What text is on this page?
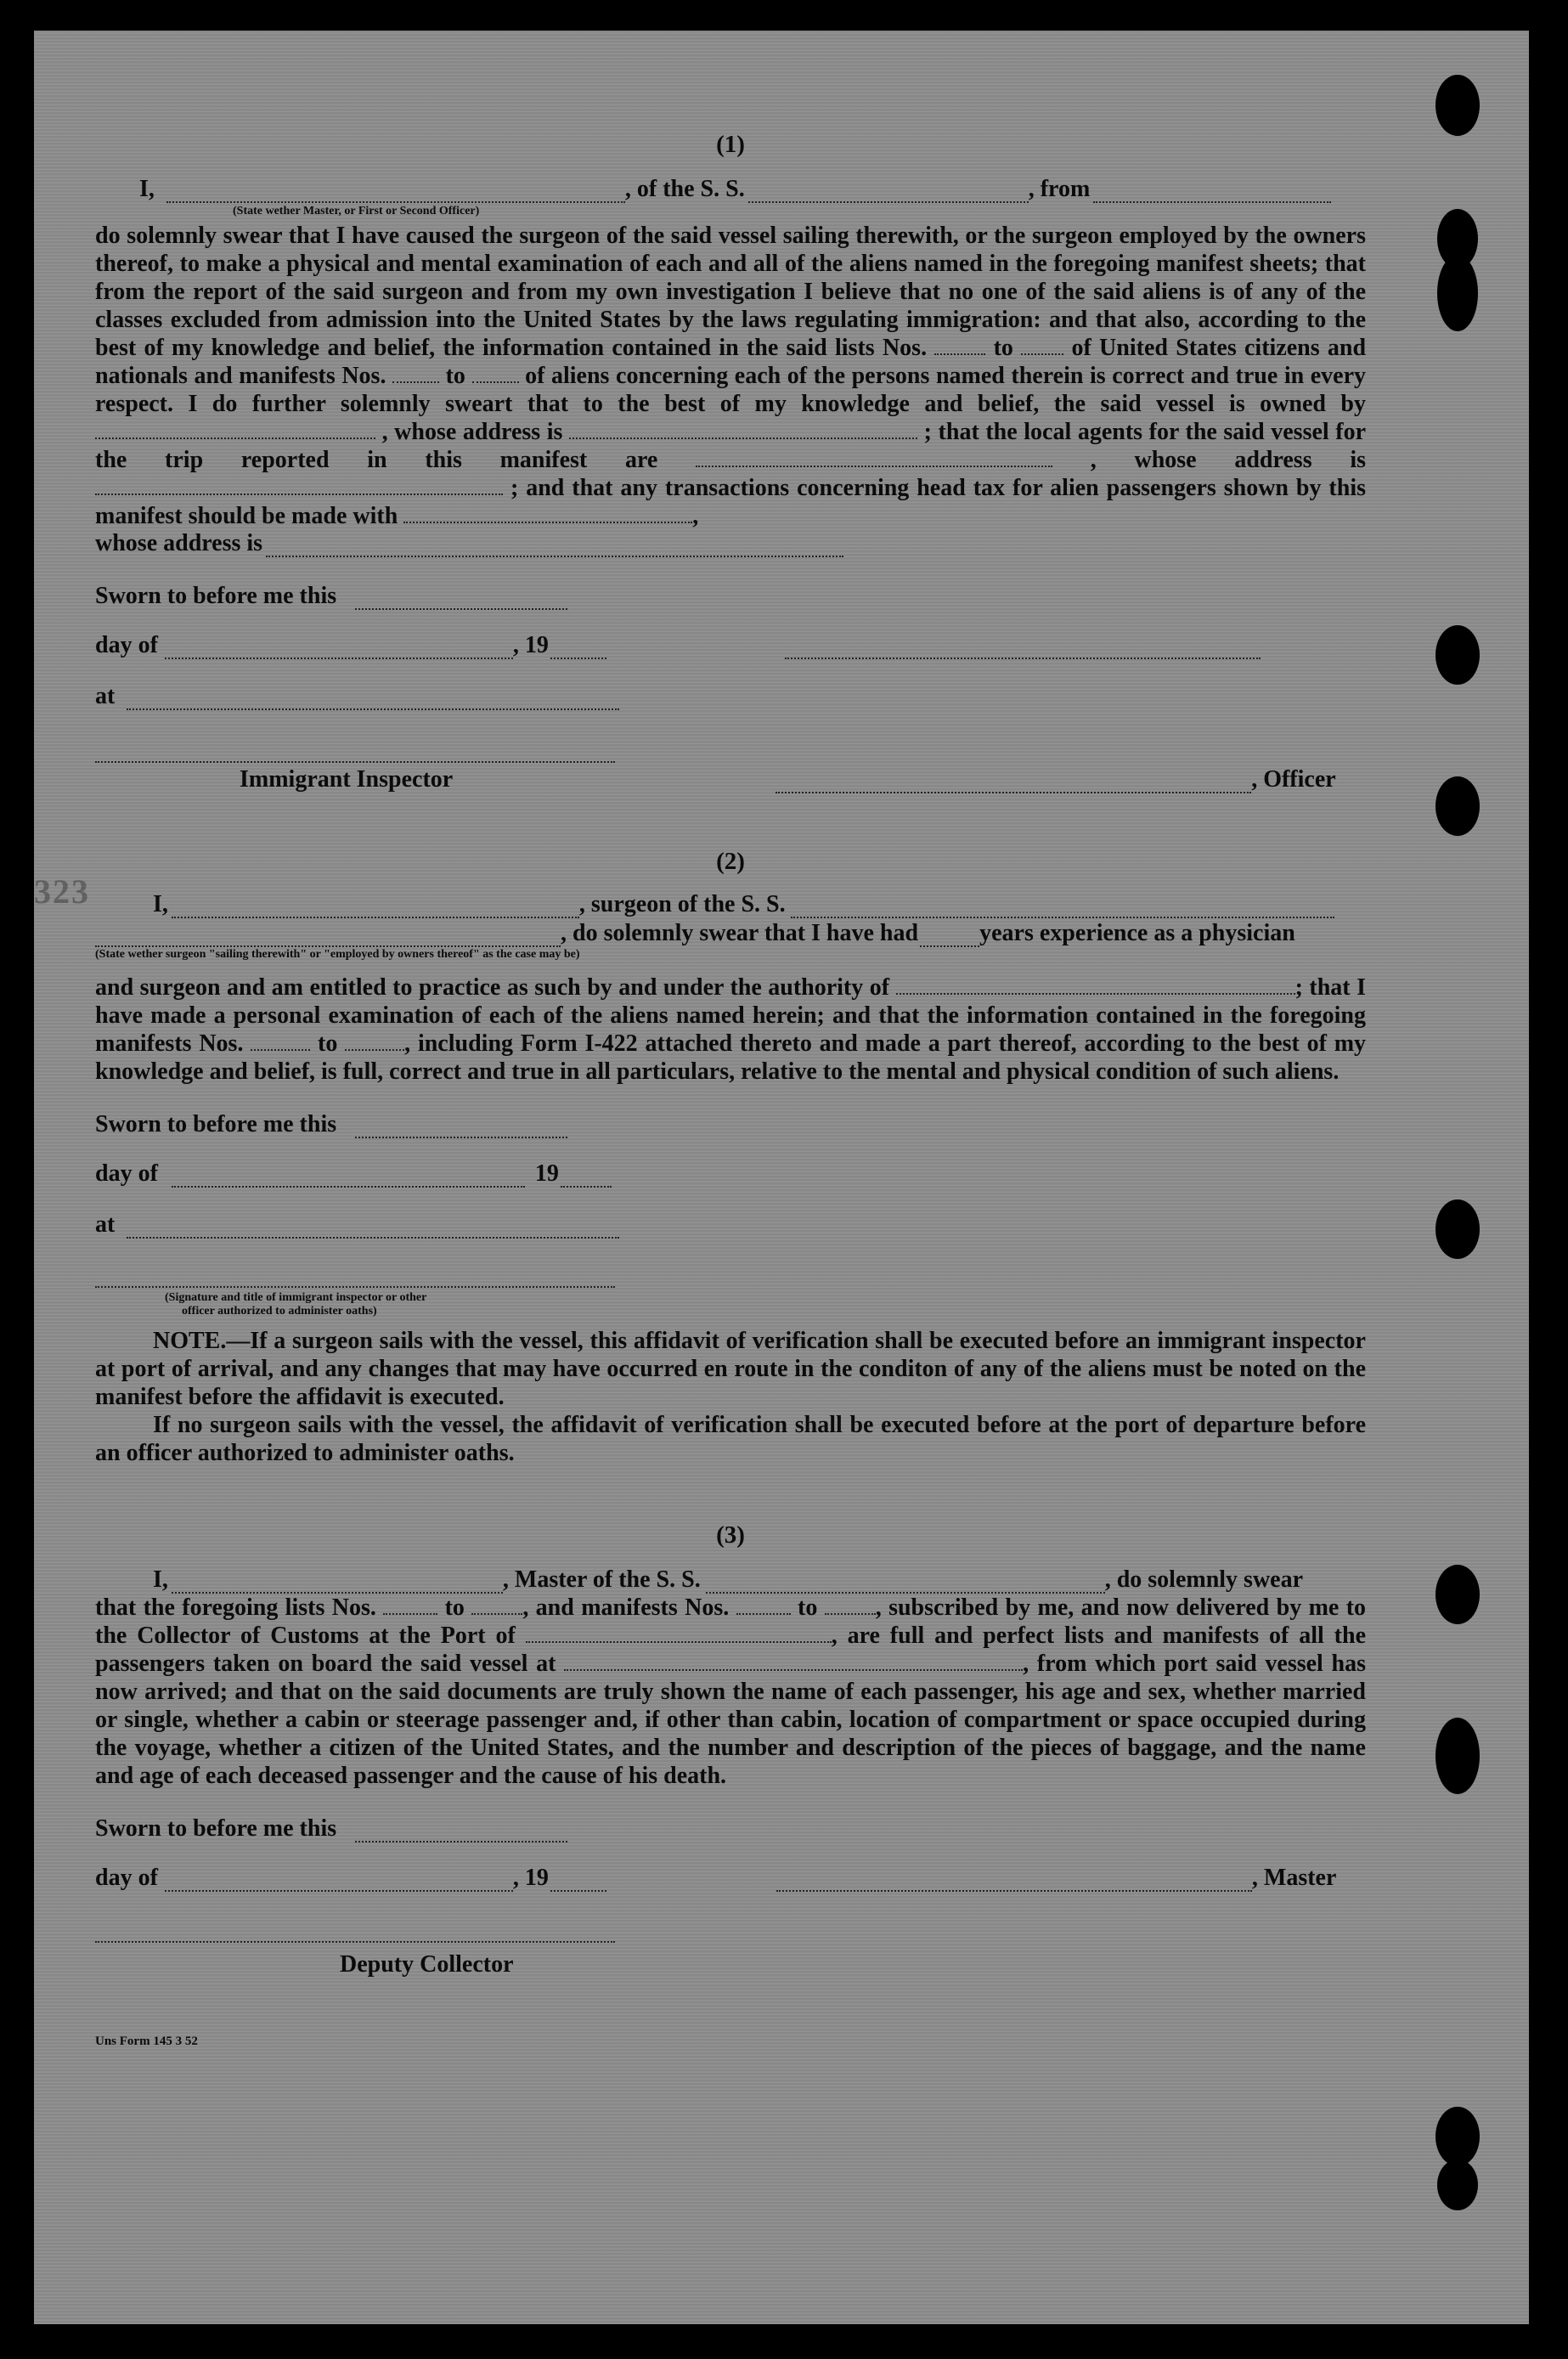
323
(1)
I,	, of the S. S.	, from
(State wether Master, or First or Second Officer)

do solemnly swear that I have caused the surgeon of the said vessel sailing therewith, or the surgeon employed by the owners thereof, to make a physical and mental examination of each and all of the aliens named in the foregoing manifest sheets; that from the report of the said surgeon and from my own investigation I believe that no one of the said aliens is of any of the classes excluded from admission into the United States by the laws regulating immigration: and that also, according to the best of my knowledge and belief, the information contained in the said lists Nos.	to of United States citizens and nationals and manifests Nos.	to	of aliens concerning each of the persons named therein is correct and true in every respect. I do further solemnly sweart that to the best of my knowledge and belief, the said vessel is owned by  , whose address is	; that the local agents for the said vessel for the trip reported in this manifest are	, whose address is  ; and that any transactions concerning head tax for alien passengers shown by this manifest should be made with	,

whose address is
Sworn to before me this
day of	, 19
at
Immigrant Inspector	, Officer
(2)
I,	, surgeon of the S. S.
, do solemnly swear that I have had	years experience as a physician
(State wether surgeon "sailing therewith" or "employed by owners thereof" as the case may be)

and surgeon and am entitled to practice as such by and under the authority of	; that I have made a personal examination of each of the aliens named herein; and that the information contained in the foregoing manifests Nos.	to	, including Form I-422 attached thereto and made a part thereof, according to the best of my knowledge and belief, is full, correct and true in all particulars, relative to the mental and physical condition of such aliens.

Sworn to before me this
day of	19
at
(Signature and title of immigrant inspector or other
officer authorized to administer oaths)

NOTE.—If a surgeon sails with the vessel, this affidavit of verification shall be executed before an immigrant inspector at port of arrival, and any changes that may have occurred en route in the conditon of any of the aliens must be noted on the manifest before the affidavit is executed.

If no surgeon sails with the vessel, the affidavit of verification shall be executed before at the port of departure before an officer authorized to administer oaths.

(3)
I,	, Master of the S. S.	, do solemnly swear

that the foregoing lists Nos.	to , and manifests Nos.	to , subscribed by me, and now delivered by me to the Collector of Customs at the Port of	, are full and perfect lists and manifests of all the passengers taken on board the said vessel at	, from which port said vessel has now arrived; and that on the said documents are truly shown the name of each passenger, his age and sex, whether married or single, whether a cabin or steerage passenger and, if other than cabin, location of compartment or space occupied during the voyage, whether a citizen of the United States, and the number and description of the pieces of baggage, and the name and age of each deceased passenger and the cause of his death.

Sworn to before me this
day of	, 19	, Master
Deputy Collector
Uns Form 145 3 52
